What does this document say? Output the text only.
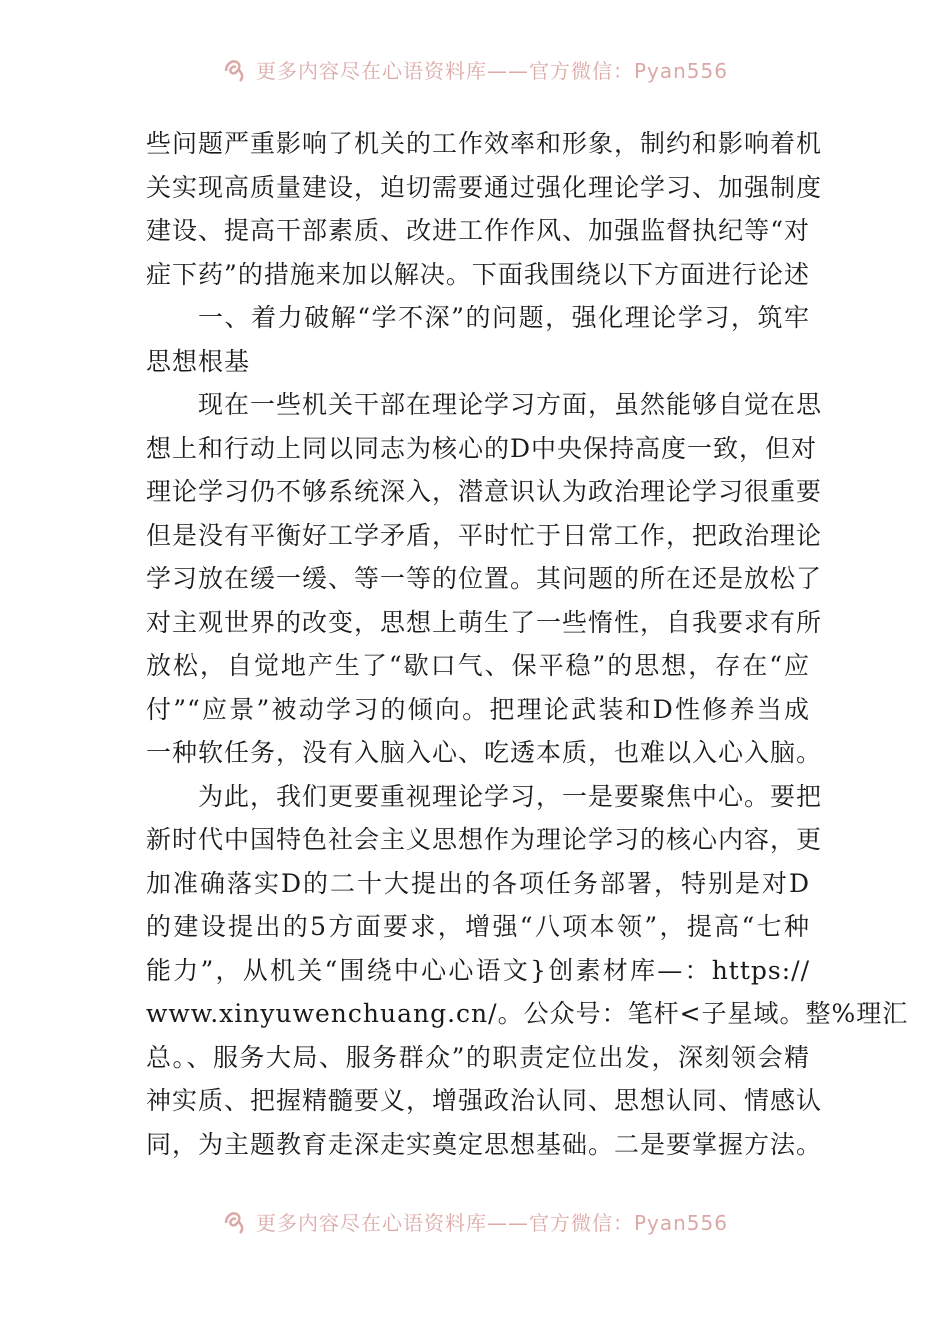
更多内容尽在心语资料库——官方微信：Pyan556
些问题严重影响了机关的工作效率和形象，制约和影响着机
关实现高质量建设，迫切需要通过强化理论学习、加强制度
建设、提高干部素质、改进工作作风、加强监督执纪等“对
症下药”的措施来加以解决。下面我围绕以下方面进行论述
一、着力破解“学不深”的问题，强化理论学习，筑牢
思想根基
现在一些机关干部在理论学习方面，虽然能够自觉在思
想上和行动上同以同志为核心的D中央保持高度一致，但对
理论学习仍不够系统深入，潜意识认为政治理论学习很重要
但是没有平衡好工学矛盾，平时忙于日常工作，把政治理论
学习放在缓一缓、等一等的位置。其问题的所在还是放松了
对主观世界的改变，思想上萌生了一些惰性，自我要求有所
放松，自觉地产生了“歇口气、保平稳”的思想，存在“应
付”“应景”被动学习的倾向。把理论武装和D性修养当成
一种软任务，没有入脑入心、吃透本质，也难以入心入脑。
为此，我们更要重视理论学习，一是要聚焦中心。要把
新时代中国特色社会主义思想作为理论学习的核心内容，更
加准确落实D的二十大提出的各项任务部署，特别是对D
的建设提出的5方面要求，增强“八项本领”，提高“七种
能力”，从机关“围绕中心心语文}创素材库—：https://
www.xinyuwenchuang.cn/。公众号：笔杆<子星域。整%理汇
总。、服务大局、服务群众”的职责定位出发，深刻领会精
神实质、把握精髓要义，增强政治认同、思想认同、情感认
同，为主题教育走深走实奠定思想基础。二是要掌握方法。
更多内容尽在心语资料库——官方微信：Pyan556
